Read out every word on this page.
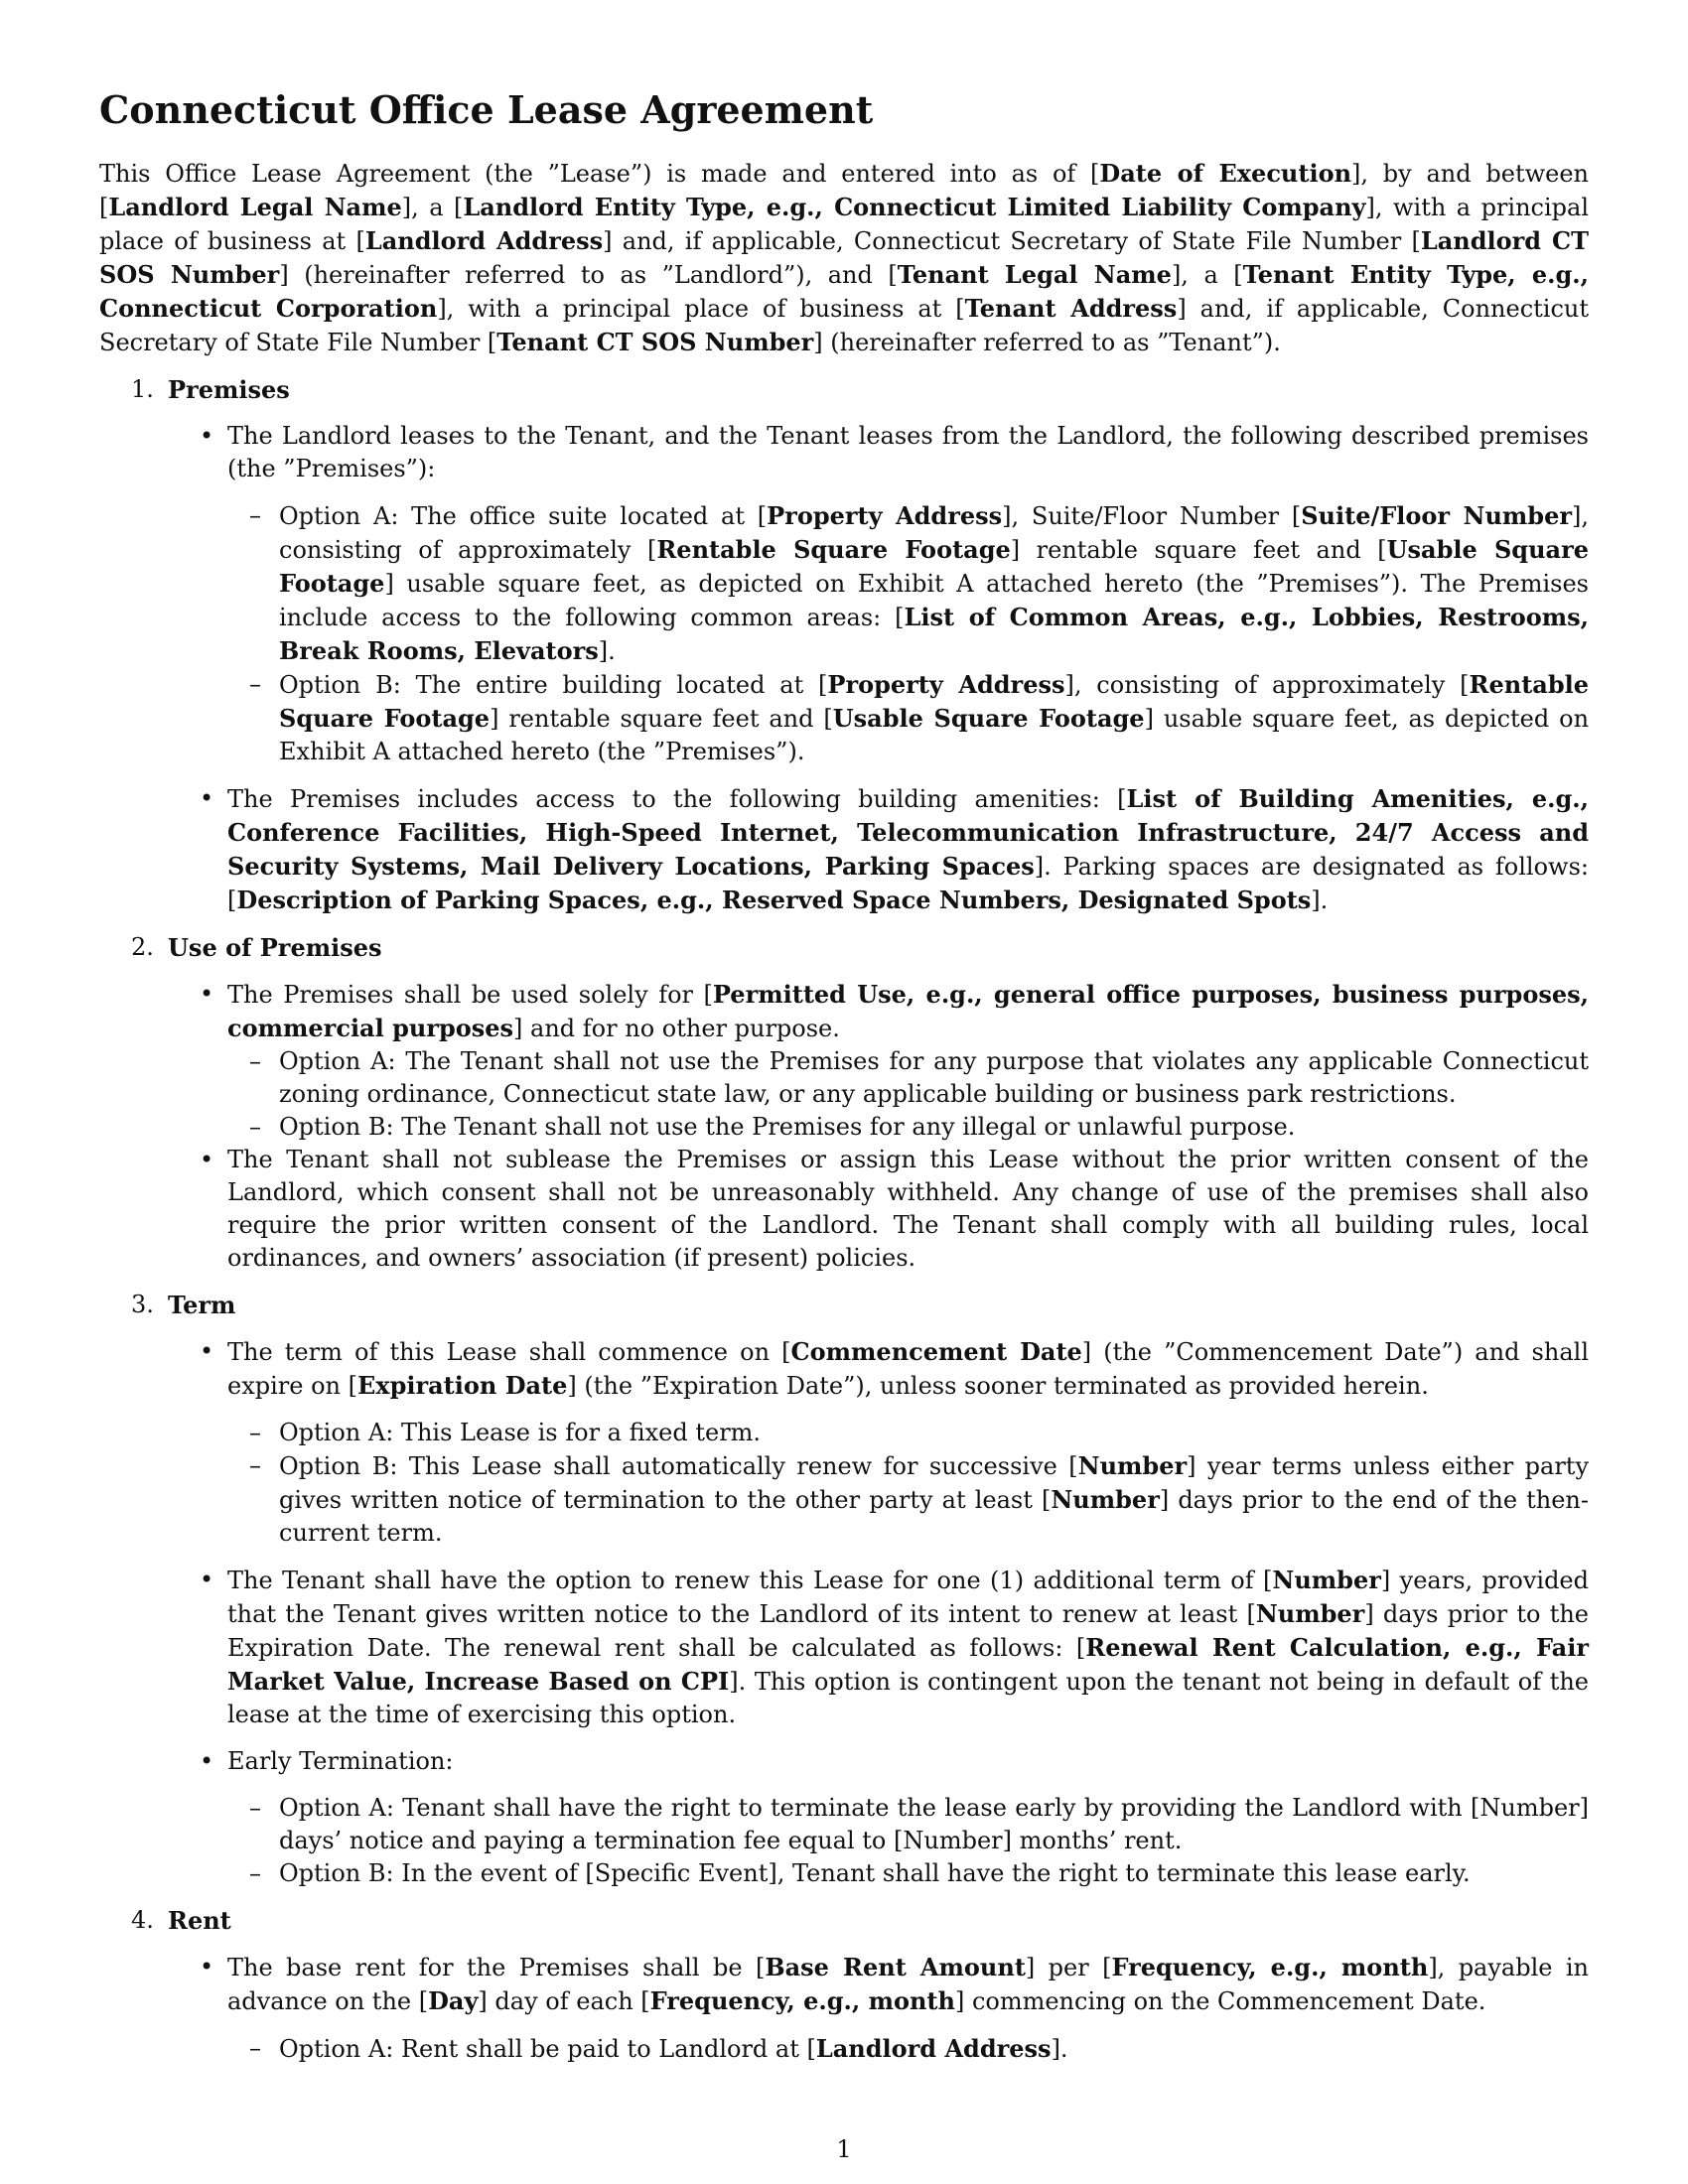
Connecticut Office Lease Agreement

This Office Lease Agreement (the ”Lease”) is made and entered into as of [Date of Execution], by and between [Landlord Legal Name], a [Landlord Entity Type, e.g., Connecticut Limited Liability Company], with a principal place of business at [Landlord Address] and, if applicable, Connecticut Secretary of State File Number [Landlord CT SOS Number] (hereinafter referred to as ”Landlord”), and [Tenant Legal Name], a [Tenant Entity Type, e.g., Connecticut Corporation], with a principal place of business at [Tenant Address] and, if applicable, Connecticut Secretary of State File Number [Tenant CT SOS Number] (hereinafter referred to as ”Tenant”).

1. Premises
• The Landlord leases to the Tenant, and the Tenant leases from the Landlord, the following described premises (the ”Premises”):
– Option A: The office suite located at [Property Address], Suite/Floor Number [Suite/Floor Number], consisting of approximately [Rentable Square Footage] rentable square feet and [Usable Square Footage] usable square feet, as depicted on Exhibit A attached hereto (the ”Premises”). The Premises include access to the following common areas: [List of Common Areas, e.g., Lobbies, Restrooms, Break Rooms, Elevators].
– Option B: The entire building located at [Property Address], consisting of approximately [Rentable Square Footage] rentable square feet and [Usable Square Footage] usable square feet, as depicted on Exhibit A attached hereto (the ”Premises”).
• The Premises includes access to the following building amenities: [List of Building Amenities, e.g., Conference Facilities, High-Speed Internet, Telecommunication Infrastructure, 24/7 Access and Security Systems, Mail Delivery Locations, Parking Spaces]. Parking spaces are designated as follows: [Description of Parking Spaces, e.g., Reserved Space Numbers, Designated Spots].
2. Use of Premises
• The Premises shall be used solely for [Permitted Use, e.g., general office purposes, business purposes, commercial purposes] and for no other purpose.
– Option A: The Tenant shall not use the Premises for any purpose that violates any applicable Connecticut zoning ordinance, Connecticut state law, or any applicable building or business park restrictions.
– Option B: The Tenant shall not use the Premises for any illegal or unlawful purpose.
• The Tenant shall not sublease the Premises or assign this Lease without the prior written consent of the Landlord, which consent shall not be unreasonably withheld. Any change of use of the premises shall also require the prior written consent of the Landlord. The Tenant shall comply with all building rules, local ordinances, and owners’ association (if present) policies.
3. Term
• The term of this Lease shall commence on [Commencement Date] (the ”Commencement Date”) and shall expire on [Expiration Date] (the ”Expiration Date”), unless sooner terminated as provided herein.
– Option A: This Lease is for a fixed term.
– Option B: This Lease shall automatically renew for successive [Number] year terms unless either party gives written notice of termination to the other party at least [Number] days prior to the end of the then-current term.
• The Tenant shall have the option to renew this Lease for one (1) additional term of [Number] years, provided that the Tenant gives written notice to the Landlord of its intent to renew at least [Number] days prior to the Expiration Date. The renewal rent shall be calculated as follows: [Renewal Rent Calculation, e.g., Fair Market Value, Increase Based on CPI]. This option is contingent upon the tenant not being in default of the lease at the time of exercising this option.
• Early Termination:
– Option A: Tenant shall have the right to terminate the lease early by providing the Landlord with [Number] days’ notice and paying a termination fee equal to [Number] months’ rent.
– Option B: In the event of [Specific Event], Tenant shall have the right to terminate this lease early.
4. Rent
• The base rent for the Premises shall be [Base Rent Amount] per [Frequency, e.g., month], payable in advance on the [Day] day of each [Frequency, e.g., month] commencing on the Commencement Date.
– Option A: Rent shall be paid to Landlord at [Landlord Address].
1
